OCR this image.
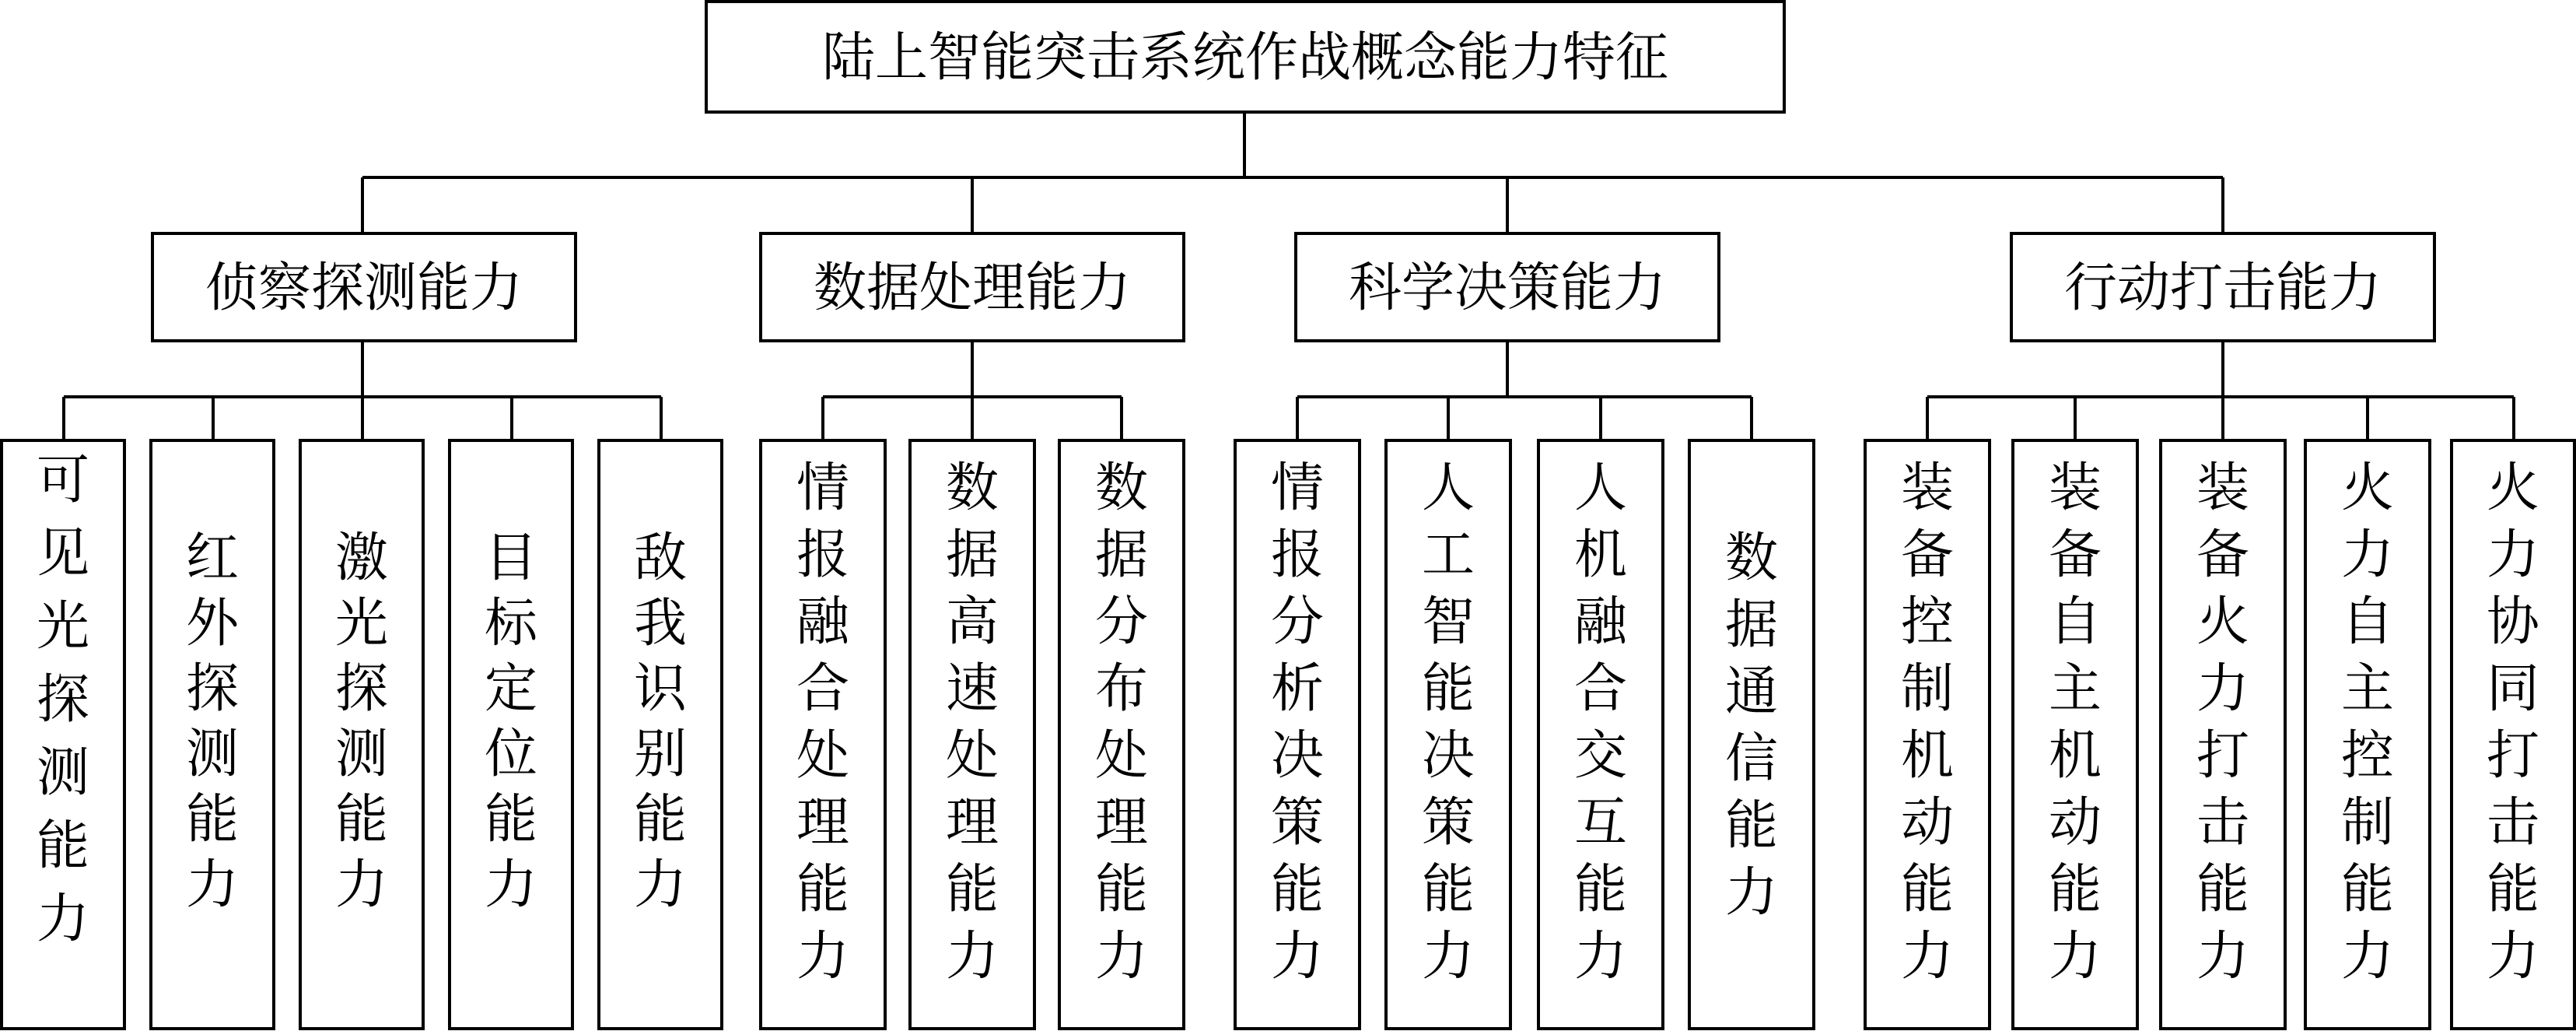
陆上智能突击系统作战概念能力特征
侦察探测能力	数据处理能力	科学决策能力	行动打击能力
可见光探测能力
红外探测能力
激光探测能力
目标定位能力
敌我识别能力
情报融合处理能力
数据高速处理能力
数据分布处理能力
情报分析决策能力
人工智能决策能力
人机融合交互能力
数据通信能力
装备控制机动能力
装备自主机动能力
装备火力打击能力
火力自主控制能力
火力协同打击能力
